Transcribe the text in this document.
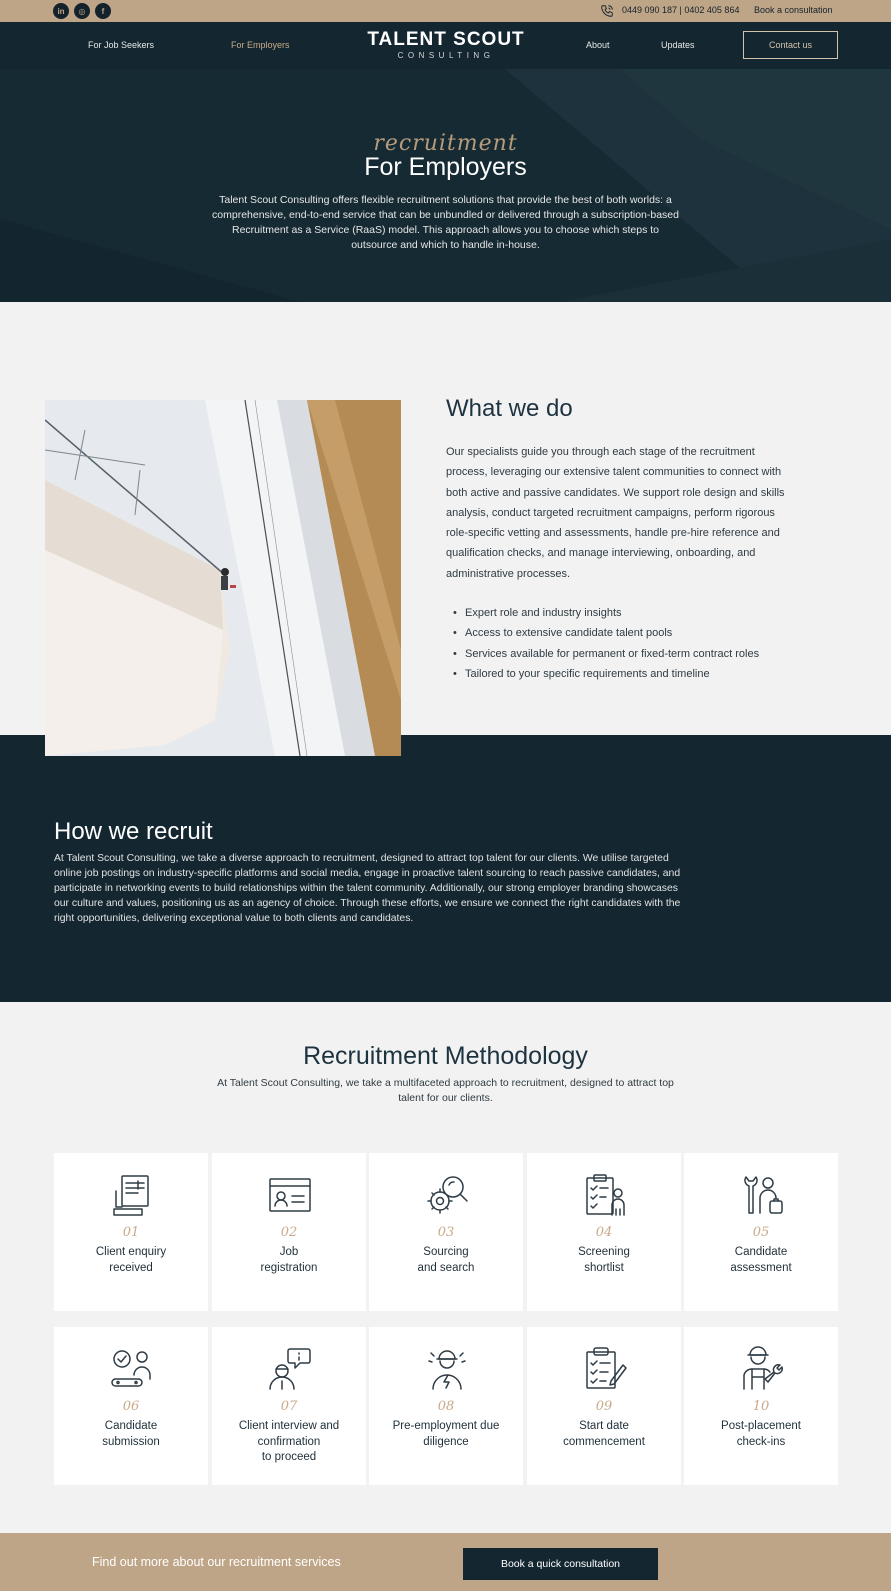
in	◎	f	0449 090 187 | 0402 405 864 Book a consultation
For Job Seekers	For Employers	TALENT SCOUT
CONSULTING
About	Updates	Contact us
recruitment
For Employers
Talent Scout Consulting offers flexible recruitment solutions that provide the best of both worlds: a comprehensive, end-to-end service that can be unbundled or delivered through a subscription-based Recruitment as a Service (RaaS) model. This approach allows you to choose which steps to outsource and which to handle in-house.
How we recruit
At Talent Scout Consulting, we take a diverse approach to recruitment, designed to attract top talent for our clients. We utilise targeted online job postings on industry-specific platforms and social media, engage in proactive talent sourcing to reach passive candidates, and participate in networking events to build relationships within the talent community. Additionally, our strong employer branding showcases our culture and values, positioning us as an agency of choice. Through these efforts, we ensure we connect the right candidates with the right opportunities, delivering exceptional value to both clients and candidates.
What we do
Our specialists guide you through each stage of the recruitment process, leveraging our extensive talent communities to connect with both active and passive candidates. We support role design and skills analysis, conduct targeted recruitment campaigns, perform rigorous role-specific vetting and assessments, handle pre-hire reference and qualification checks, and manage interviewing, onboarding, and administrative processes.
• Expert role and industry insights
• Access to extensive candidate talent pools
• Services available for permanent or fixed-term contract roles
• Tailored to your specific requirements and timeline
Recruitment Methodology
At Talent Scout Consulting, we take a multifaceted approach to recruitment, designed to attract top talent for our clients.
01
Client enquiry
received
02
Job
registration
03
Sourcing
and search
04
Screening
shortlist
05
Candidate
assessment
06
Candidate
submission
07
Client interview and
confirmation
to proceed
08
Pre-employment due
diligence
09
Start date
commencement
10
Post-placement
check-ins
Find out more about our recruitment services	Book a quick consultation
